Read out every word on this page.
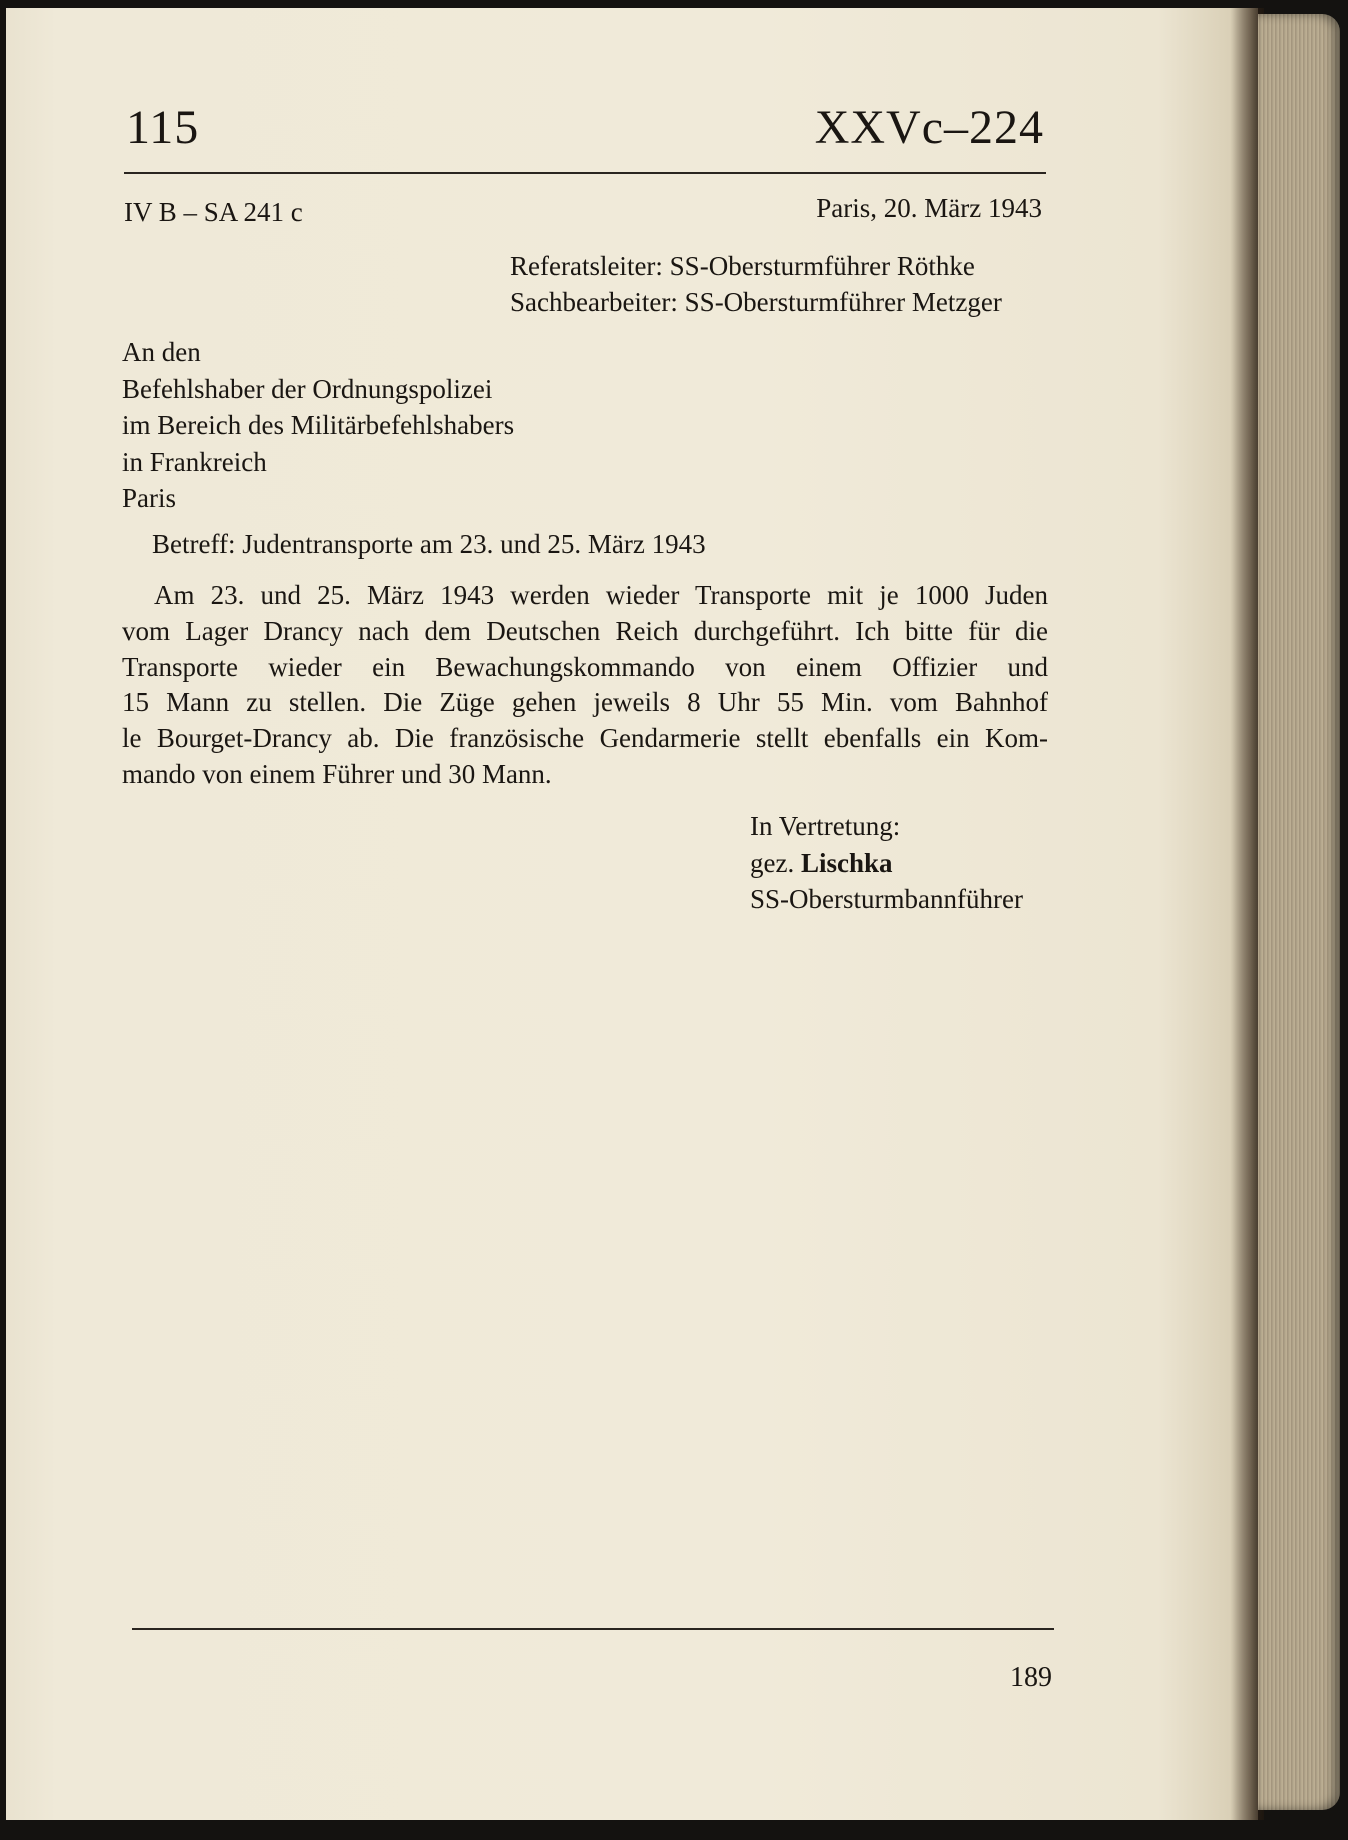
115	XXVc–224
IV B – SA 241 c	Paris, 20. März 1943
Referatsleiter: SS-Obersturmführer Röthke
Sachbearbeiter: SS-Obersturmführer Metzger
An den
Befehlshaber der Ordnungspolizei
im Bereich des Militärbefehlshabers
in Frankreich
Paris
Betreff: Judentransporte am 23. und 25. März 1943
Am 23. und 25. März 1943 werden wieder Transporte mit je 1000 Juden
vom Lager Drancy nach dem Deutschen Reich durchgeführt. Ich bitte für die
Transporte wieder ein Bewachungskommando von einem Offizier und
15 Mann zu stellen. Die Züge gehen jeweils 8 Uhr 55 Min. vom Bahnhof
le Bourget-Drancy ab. Die französische Gendarmerie stellt ebenfalls ein Kom-
mando von einem Führer und 30 Mann.
In Vertretung:
gez. Lischka
SS-Obersturmbannführer
189
